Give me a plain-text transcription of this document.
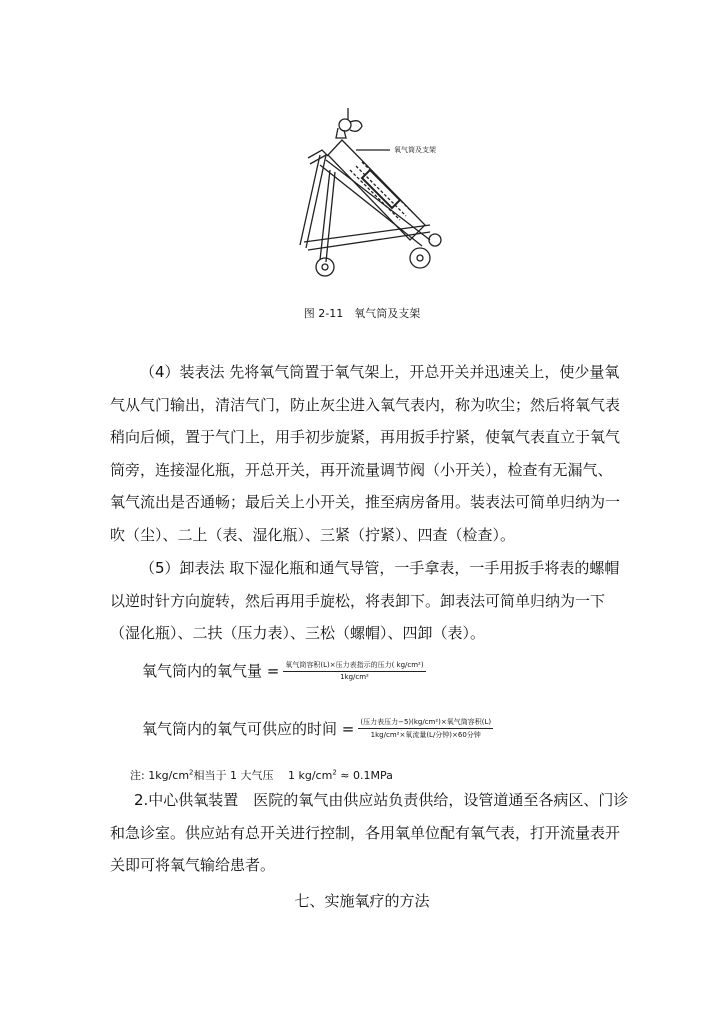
氧气筒及支架
图 2-11　氧气筒及支架
（4）装表法 先将氧气筒置于氧气架上，开总开关并迅速关上，使少量氧
气从气门输出，清洁气门，防止灰尘进入氧气表内，称为吹尘；然后将氧气表
稍向后倾，置于气门上，用手初步旋紧，再用扳手拧紧，使氧气表直立于氧气
筒旁，连接湿化瓶，开总开关，再开流量调节阀（小开关），检查有无漏气、
氧气流出是否通畅；最后关上小开关，推至病房备用。装表法可简单归纳为一
吹（尘）、二上（表、湿化瓶）、三紧（拧紧）、四查（检查）。
（5）卸表法 取下湿化瓶和通气导管，一手拿表，一手用扳手将表的螺帽
以逆时针方向旋转，然后再用手旋松，将表卸下。卸表法可简单归纳为一下
（湿化瓶）、二扶（压力表）、三松（螺帽）、四卸（表）。
氧气筒内的氧气量 = $\frac{\text{氧气筒容积(L)×压力表指示的压力( kg/cm²)}}{\text{1kg/cm²}}$
氧气筒内的氧气可供应的时间 = $\frac{\text{(压力表压力−5)(kg/cm²)×氧气筒容积(L)}}{\text{1kg/cm²×氧流量(L/分钟)×60分钟}}$
注: $1kg/cm^2$相当于 1 大气压　 1 $kg/cm^2 \approx 0.1MPa$
2.中心供氧装置　医院的氧气由供应站负责供给，设管道通至各病区、门诊
和急诊室。供应站有总开关进行控制，各用氧单位配有氧气表，打开流量表开
关即可将氧气输给患者。
七、实施氧疗的方法
